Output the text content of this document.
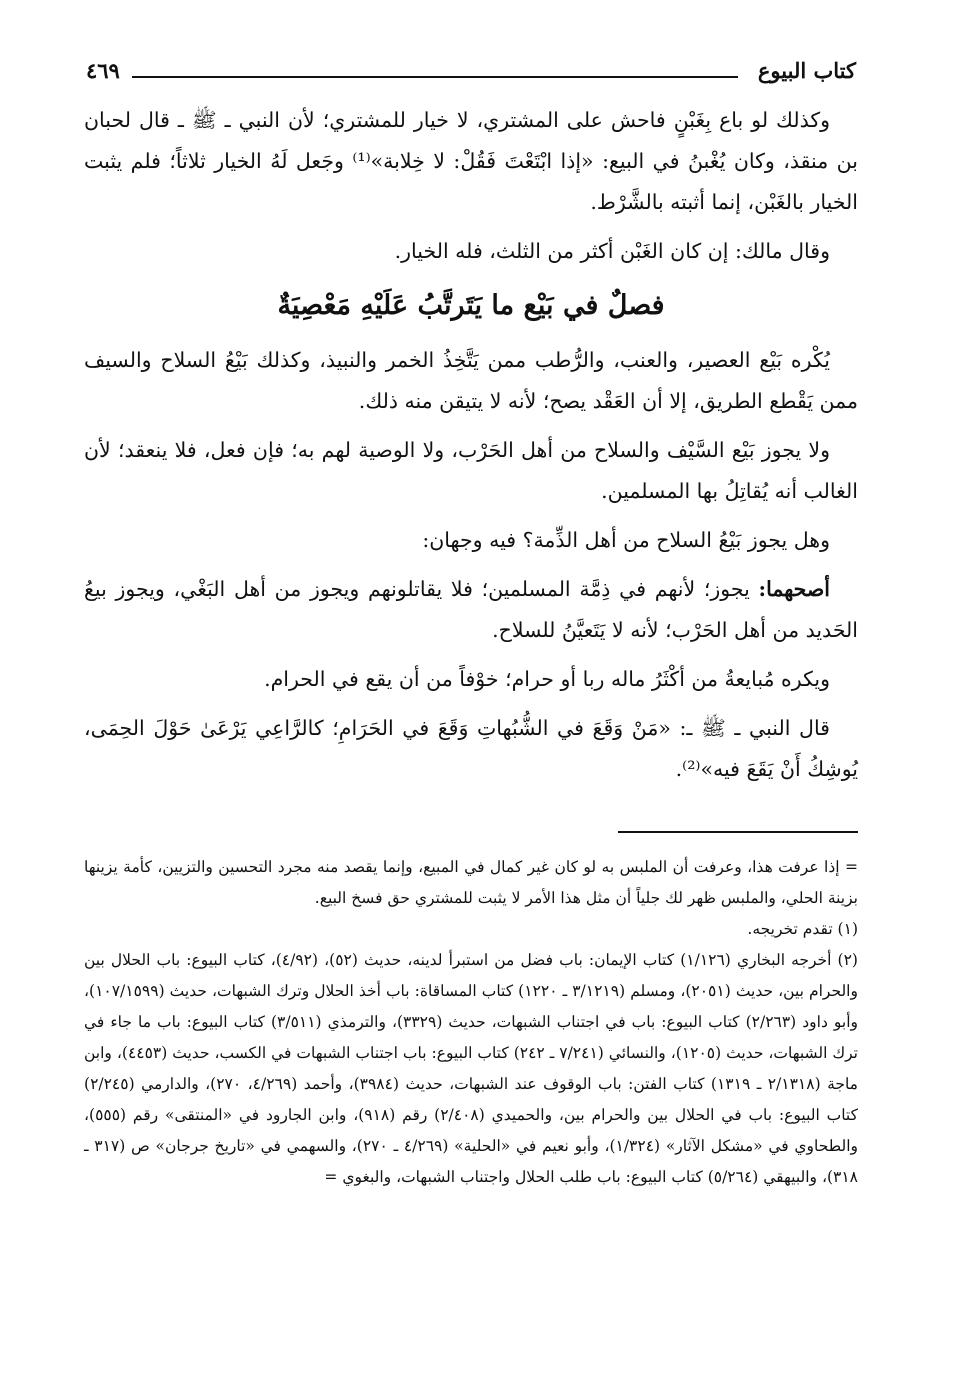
كتاب البيوع
٤٦٩

وكذلك لو باع بِغَبْنٍ فاحش على المشتري، لا خيار للمشتري؛ لأن النبي ـ ﷺ ـ قال لحبان بن منقذ، وكان يُغْبنُ في البيع: «إذا ابْتَعْتَ فَقُلْ: لا خِلابة»⁽¹⁾ وجَعل لَهُ الخيار ثلاثاً؛ فلم يثبت الخيار بالغَبْن، إنما أثبته بالشَّرْط.

وقال مالك: إن كان الغَبْن أكثر من الثلث، فله الخيار.

فصلٌ في بَيْع ما يَتَرتَّبُ عَلَيْهِ مَعْصِيَةٌ

يُكْره بَيْع العصير، والعنب، والرُّطب ممن يَتَّخِذُ الخمر والنبيذ، وكذلك بَيْعُ السلاح والسيف ممن يَقْطع الطريق، إلا أن العَقْد يصح؛ لأنه لا يتيقن منه ذلك.

ولا يجوز بَيْع السَّيْف والسلاح من أهل الحَرْب، ولا الوصية لهم به؛ فإن فعل، فلا ينعقد؛ لأن الغالب أنه يُقاتِلُ بها المسلمين.

وهل يجوز بَيْعُ السلاح من أهل الذِّمة؟ فيه وجهان:

أصحهما: يجوز؛ لأنهم في ذِمَّة المسلمين؛ فلا يقاتلونهم ويجوز من أهل البَغْي، ويجوز بيعُ الحَديد من أهل الحَرْب؛ لأنه لا يَتَعيَّنُ للسلاح.

ويكره مُبايعةُ من أكْثَرُ ماله ربا أو حرام؛ خوْفاً من أن يقع في الحرام.

قال النبي ـ ﷺ ـ: «مَنْ وَقَعَ في الشُّبُهاتِ وَقَعَ في الحَرَامِ؛ كالرَّاعِي يَرْعَىٰ حَوْلَ الحِمَى، يُوشِكُ أَنْ يَقَعَ فيه»⁽²⁾.

= إذا عرفت هذا، وعرفت أن الملبس به لو كان غير كمال في المبيع، وإنما يقصد منه مجرد التحسين والتزيين، كأمة يزينها بزينة الحلي، والملبس ظهر لك جلياً أن مثل هذا الأمر لا يثبت للمشتري حق فسخ البيع.

(١) تقدم تخريجه.

(٢) أخرجه البخاري (١/١٢٦) كتاب الإيمان: باب فضل من استبرأ لدينه، حديث (٥٢)، (٤/٩٢)، كتاب البيوع: باب الحلال بين والحرام بين، حديث (٢٠٥١)، ومسلم (٣/١٢١٩ ـ ١٢٢٠) كتاب المساقاة: باب أخذ الحلال وترك الشبهات، حديث (١٠٧/١٥٩٩)، وأبو داود (٢/٢٦٣) كتاب البيوع: باب في اجتناب الشبهات، حديث (٣٣٢٩)، والترمذي (٣/٥١١) كتاب البيوع: باب ما جاء في ترك الشبهات، حديث (١٢٠٥)، والنسائي (٧/٢٤١ ـ ٢٤٢) كتاب البيوع: باب اجتناب الشبهات في الكسب، حديث (٤٤٥٣)، وابن ماجة (٢/١٣١٨ ـ ١٣١٩) كتاب الفتن: باب الوقوف عند الشبهات، حديث (٣٩٨٤)، وأحمد (٤/٢٦٩، ٢٧٠)، والدارمي (٢/٢٤٥) كتاب البيوع: باب في الحلال بين والحرام بين، والحميدي (٢/٤٠٨) رقم (٩١٨)، وابن الجارود في «المنتقى» رقم (٥٥٥)، والطحاوي في «مشكل الآثار» (١/٣٢٤)، وأبو نعيم في «الحلية» (٤/٢٦٩ ـ ٢٧٠)، والسهمي في «تاريخ جرجان» ص (٣١٧ ـ ٣١٨)، والبيهقي (٥/٢٦٤) كتاب البيوع: باب طلب الحلال واجتناب الشبهات، والبغوي =
